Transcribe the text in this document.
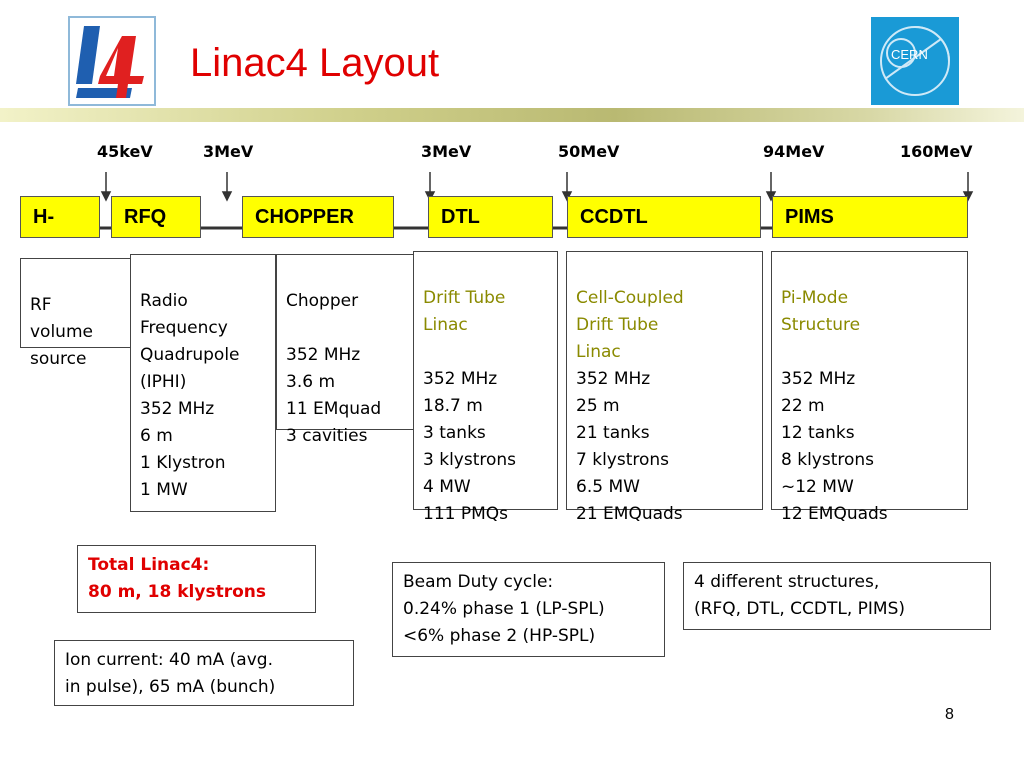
Linac4 Layout	CERN
45keV	3MeV	3MeV	50MeV	94MeV	160MeV
H-	RFQ	CHOPPER	DTL	CCDTL	PIMS

RF
volume
source

Radio
Frequency
Quadrupole
(IPHI)
352 MHz
6 m
1 Klystron
1 MW

Chopper

352 MHz
3.6 m
11 EMquad
3 cavities

Drift Tube
Linac

352 MHz
18.7 m
3 tanks
3 klystrons
4 MW
111 PMQs

Cell-Coupled
Drift Tube
Linac
352 MHz
25 m
21 tanks
7 klystrons
6.5 MW
21 EMQuads

Pi-Mode
Structure

352 MHz
22 m
12 tanks
8 klystrons
~12 MW
12 EMQuads

Total Linac4:
80 m, 18 klystrons
Ion current: 40 mA (avg.
in pulse), 65 mA (bunch)
Beam Duty cycle:
0.24% phase 1 (LP-SPL)
<6% phase 2 (HP-SPL)
4 different structures,
(RFQ, DTL, CCDTL, PIMS)
8
